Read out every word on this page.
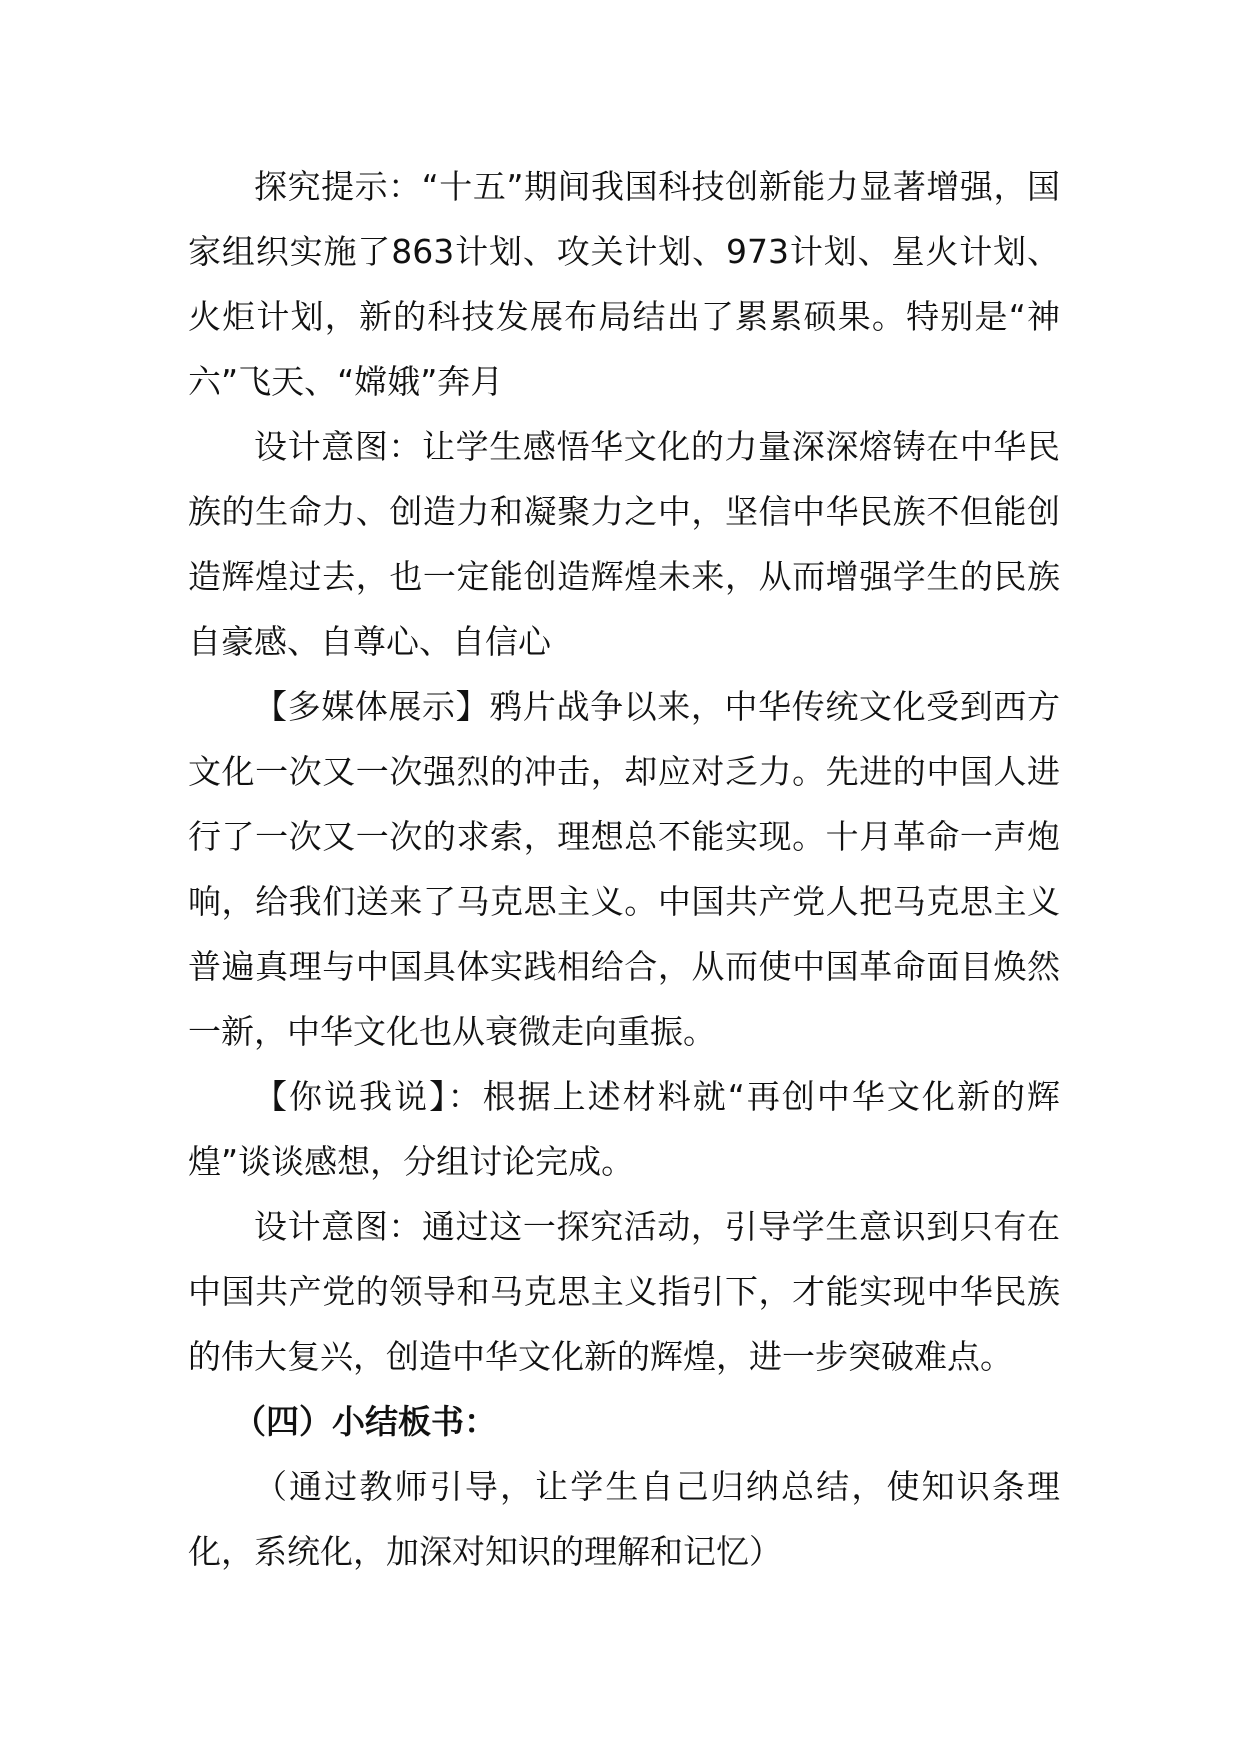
探究提示：“十五”期间我国科技创新能力显著增强，国家组织实施了863计划、攻关计划、973计划、星火计划、火炬计划，新的科技发展布局结出了累累硕果。特别是“神六”飞天、“嫦娥”奔月

设计意图：让学生感悟华文化的力量深深熔铸在中华民族的生命力、创造力和凝聚力之中，坚信中华民族不但能创造辉煌过去，也一定能创造辉煌未来，从而增强学生的民族自豪感、自尊心、自信心

【多媒体展示】鸦片战争以来，中华传统文化受到西方文化一次又一次强烈的冲击，却应对乏力。先进的中国人进行了一次又一次的求索，理想总不能实现。十月革命一声炮响，给我们送来了马克思主义。中国共产党人把马克思主义普遍真理与中国具体实践相给合，从而使中国革命面目焕然一新，中华文化也从衰微走向重振。

【你说我说】：根据上述材料就“再创中华文化新的辉煌”谈谈感想，分组讨论完成。

设计意图：通过这一探究活动，引导学生意识到只有在中国共产党的领导和马克思主义指引下，才能实现中华民族的伟大复兴，创造中华文化新的辉煌，进一步突破难点。

（四）小结板书：

（通过教师引导，让学生自己归纳总结，使知识条理化，系统化，加深对知识的理解和记忆）
